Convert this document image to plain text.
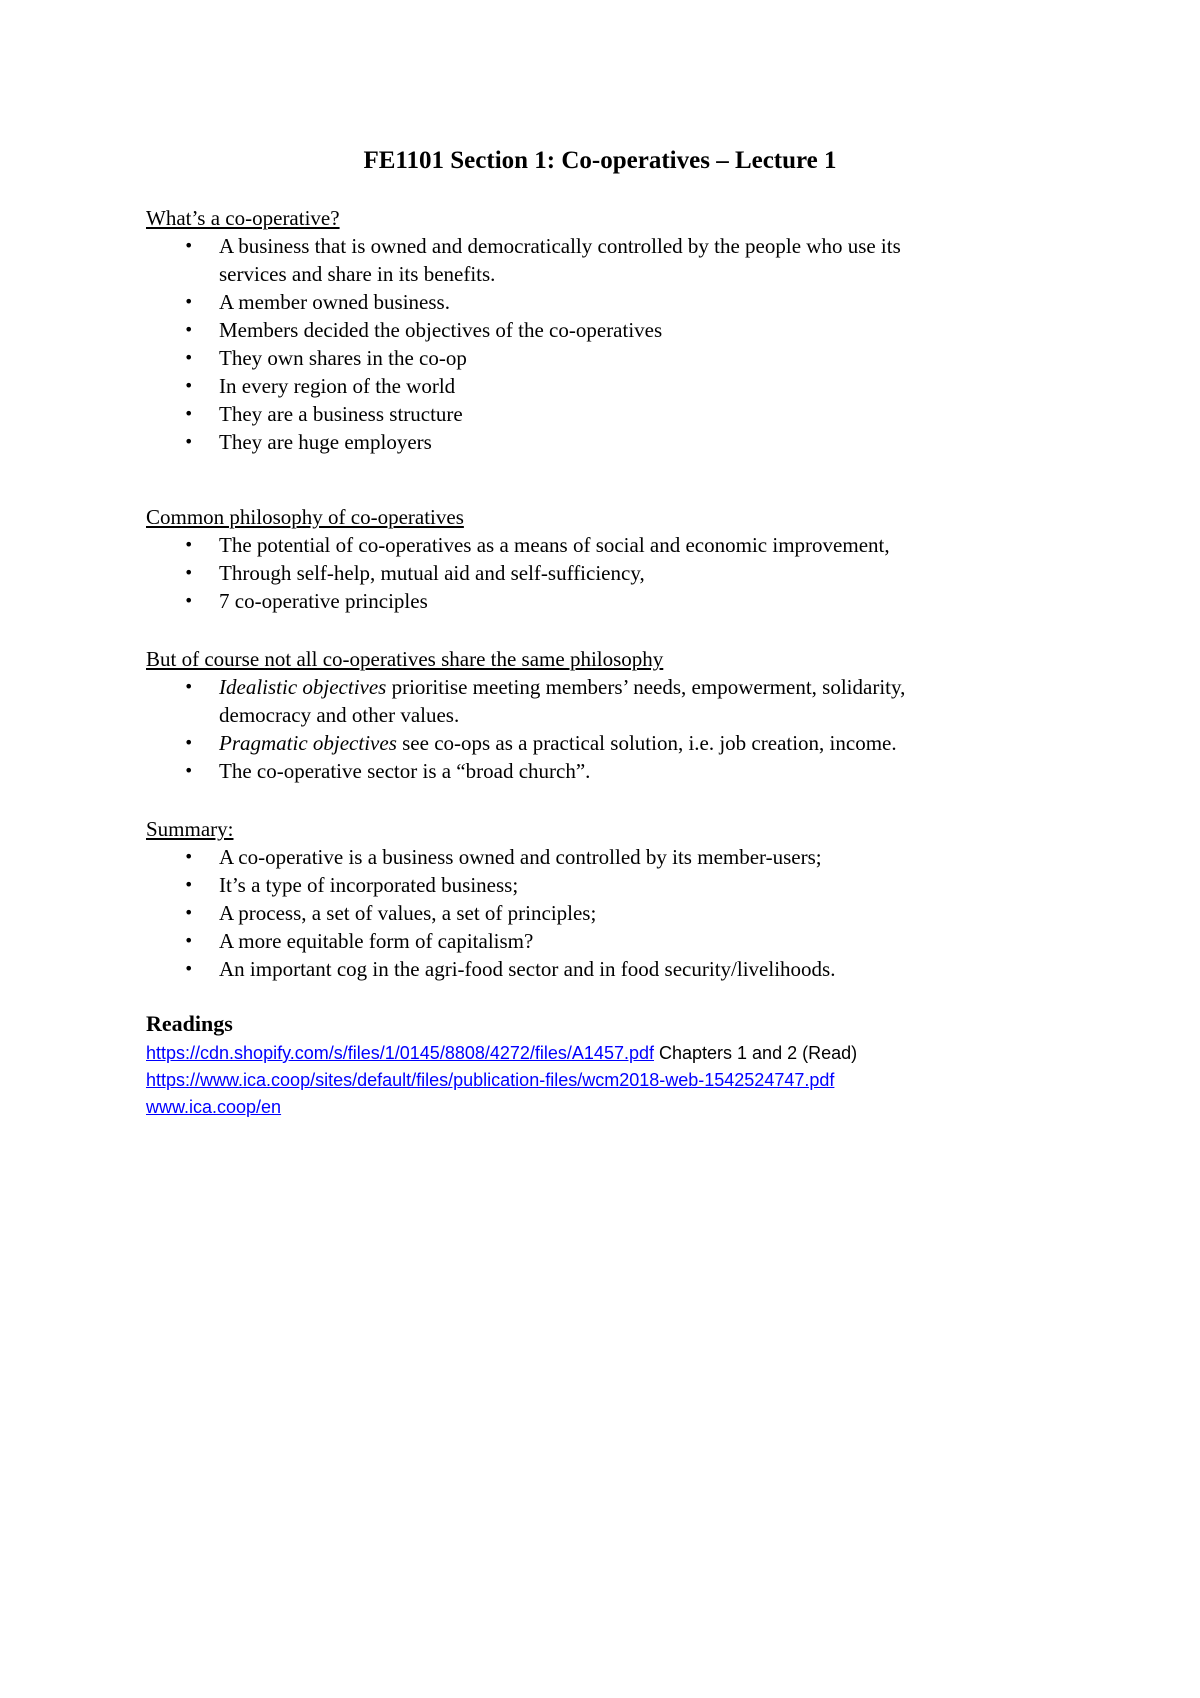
FE1101 Section 1: Co-operatives – Lecture 1

What’s a co-operative?

• A business that is owned and democratically controlled by the people who use its
services and share in its benefits.
• A member owned business.
• Members decided the objectives of the co-operatives
• They own shares in the co-op
• In every region of the world
• They are a business structure
• They are huge employers

Common philosophy of co-operatives

• The potential of co-operatives as a means of social and economic improvement,
• Through self-help, mutual aid and self-sufficiency,
• 7 co-operative principles

But of course not all co-operatives share the same philosophy

• Idealistic objectives prioritise meeting members’ needs, empowerment, solidarity,
democracy and other values.
• Pragmatic objectives see co-ops as a practical solution, i.e. job creation, income.
• The co-operative sector is a “broad church”.

Summary:

• A co-operative is a business owned and controlled by its member-users;
• It’s a type of incorporated business;
• A process, a set of values, a set of principles;
• A more equitable form of capitalism?
• An important cog in the agri-food sector and in food security/livelihoods.
Readings
https://cdn.shopify.com/s/files/1/0145/8808/4272/files/A1457.pdf Chapters 1 and 2 (Read)
https://www.ica.coop/sites/default/files/publication-files/wcm2018-web-1542524747.pdf
www.ica.coop/en
